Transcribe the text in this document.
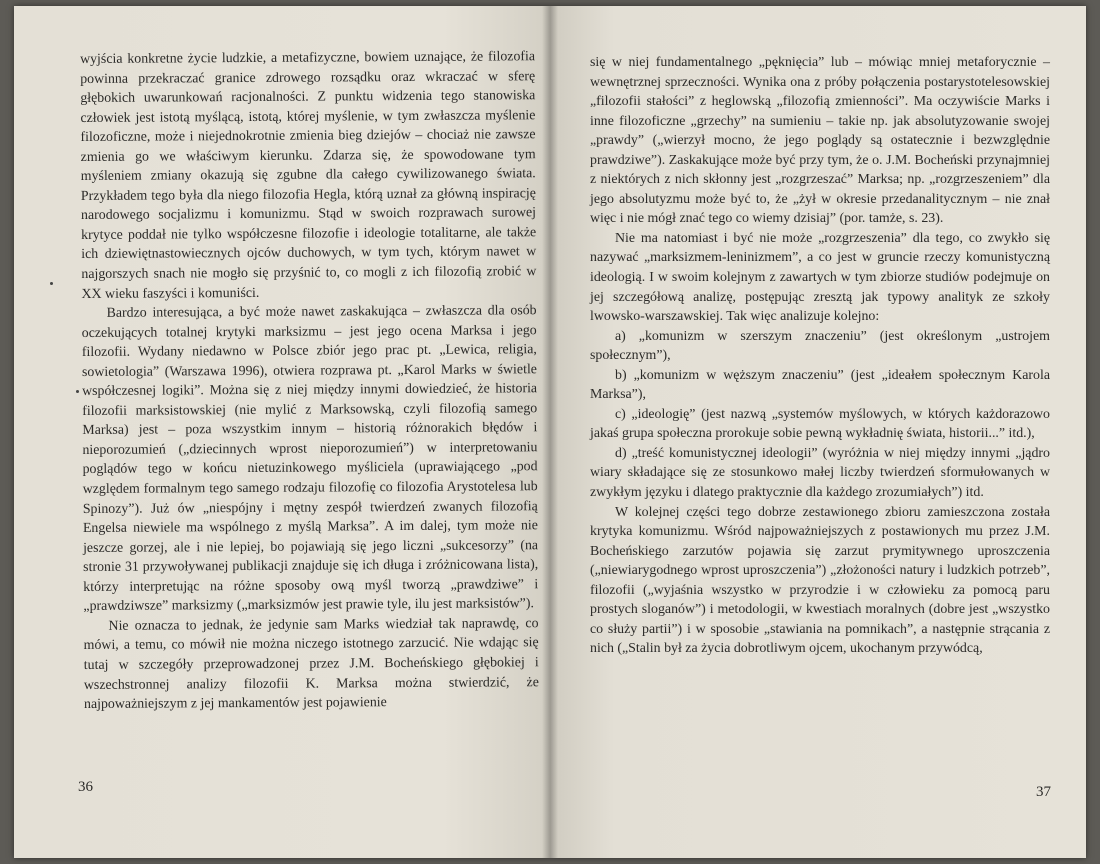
wyjścia konkretne życie ludzkie, a metafizyczne, bowiem uznające, że filozofia powinna przekraczać granice zdrowego rozsądku oraz wkraczać w sferę głębokich uwarunkowań racjonalności. Z punktu widzenia tego stanowiska człowiek jest istotą myślącą, istotą, której myślenie, w tym zwłaszcza myślenie filozoficzne, może i niejednokrotnie zmienia bieg dziejów – chociaż nie zawsze zmienia go we właściwym kierunku. Zdarza się, że spowodowane tym myśleniem zmiany okazują się zgubne dla całego cywilizowanego świata. Przykładem tego była dla niego filozofia Hegla, którą uznał za główną inspirację narodowego socjalizmu i komunizmu. Stąd w swoich rozprawach surowej krytyce poddał nie tylko współczesne filozofie i ideologie totalitarne, ale także ich dziewiętnastowiecznych ojców duchowych, w tym tych, którym nawet w najgorszych snach nie mogło się przyśnić to, co mogli z ich filozofią zrobić w XX wieku faszyści i komuniści.

Bardzo interesująca, a być może nawet zaskakująca – zwłaszcza dla osób oczekujących totalnej krytyki marksizmu – jest jego ocena Marksa i jego filozofii. Wydany niedawno w Polsce zbiór jego prac pt. „Lewica, religia, sowietologia” (Warszawa 1996), otwiera rozprawa pt. „Karol Marks w świetle współczesnej logiki”. Można się z niej między innymi dowiedzieć, że historia filozofii marksistowskiej (nie mylić z Marksowską, czyli filozofią samego Marksa) jest – poza wszystkim innym – historią różnorakich błędów i nieporozumień („dziecinnych wprost nieporozumień”) w interpretowaniu poglądów tego w końcu nietuzinkowego myśliciela (uprawiającego „pod względem formalnym tego samego rodzaju filozofię co filozofia Arystotelesa lub Spinozy”). Już ów „niespójny i mętny zespół twierdzeń zwanych filozofią Engelsa niewiele ma wspólnego z myślą Marksa”. A im dalej, tym może nie jeszcze gorzej, ale i nie lepiej, bo pojawiają się jego liczni „sukcesorzy” (na stronie 31 przywoływanej publikacji znajduje się ich długa i zróżnicowana lista), którzy interpretując na różne sposoby ową myśl tworzą „prawdziwe” i „prawdziwsze” marksizmy („marksizmów jest prawie tyle, ilu jest marksistów”).

Nie oznacza to jednak, że jedynie sam Marks wiedział tak naprawdę, co mówi, a temu, co mówił nie można niczego istotnego zarzucić. Nie wdając się tutaj w szczegóły przeprowadzonej przez J.M. Bocheńskiego głębokiej i wszechstronnej analizy filozofii K. Marksa można stwierdzić, że najpoważniejszym z jej mankamentów jest pojawienie

36

się w niej fundamentalnego „pęknięcia” lub – mówiąc mniej metaforycznie – wewnętrznej sprzeczności. Wynika ona z próby połączenia postarystotelesowskiej „filozofii stałości” z heglowską „filozofią zmienności”. Ma oczywiście Marks i inne filozoficzne „grzechy” na sumieniu – takie np. jak absolutyzowanie swojej „prawdy” („wierzył mocno, że jego poglądy są ostatecznie i bezwzględnie prawdziwe”). Zaskakujące może być przy tym, że o. J.M. Bocheński przynajmniej z niektórych z nich skłonny jest „rozgrzeszać” Marksa; np. „rozgrzeszeniem” dla jego absolutyzmu może być to, że „żył w okresie przedanalitycznym – nie znał więc i nie mógł znać tego co wiemy dzisiaj” (por. tamże, s. 23).

Nie ma natomiast i być nie może „rozgrzeszenia” dla tego, co zwykło się nazywać „marksizmem-leninizmem”, a co jest w gruncie rzeczy komunistyczną ideologią. I w swoim kolejnym z zawartych w tym zbiorze studiów podejmuje on jej szczegółową analizę, postępując zresztą jak typowy analityk ze szkoły lwowsko-warszawskiej. Tak więc analizuje kolejno:

a) „komunizm w szerszym znaczeniu” (jest określonym „ustrojem społecznym”),

b) „komunizm w węższym znaczeniu” (jest „ideałem społecznym Karola Marksa”),

c) „ideologię” (jest nazwą „systemów myślowych, w których każdorazowo jakaś grupa społeczna prorokuje sobie pewną wykładnię świata, historii...” itd.),

d) „treść komunistycznej ideologii” (wyróżnia w niej między innymi „jądro wiary składające się ze stosunkowo małej liczby twierdzeń sformułowanych w zwykłym języku i dlatego praktycznie dla każdego zrozumiałych”) itd.

W kolejnej części tego dobrze zestawionego zbioru zamieszczona została krytyka komunizmu. Wśród najpoważniejszych z postawionych mu przez J.M. Bocheńskiego zarzutów pojawia się zarzut prymitywnego uproszczenia („niewiarygodnego wprost uproszczenia”) „złożoności natury i ludzkich potrzeb”, filozofii („wyjaśnia wszystko w przyrodzie i w człowieku za pomocą paru prostych sloganów”) i metodologii, w kwestiach moralnych (dobre jest „wszystko co służy partii”) i w sposobie „stawiania na pomnikach”, a następnie strącania z nich („Stalin był za życia dobrotliwym ojcem, ukochanym przywódcą,

37
